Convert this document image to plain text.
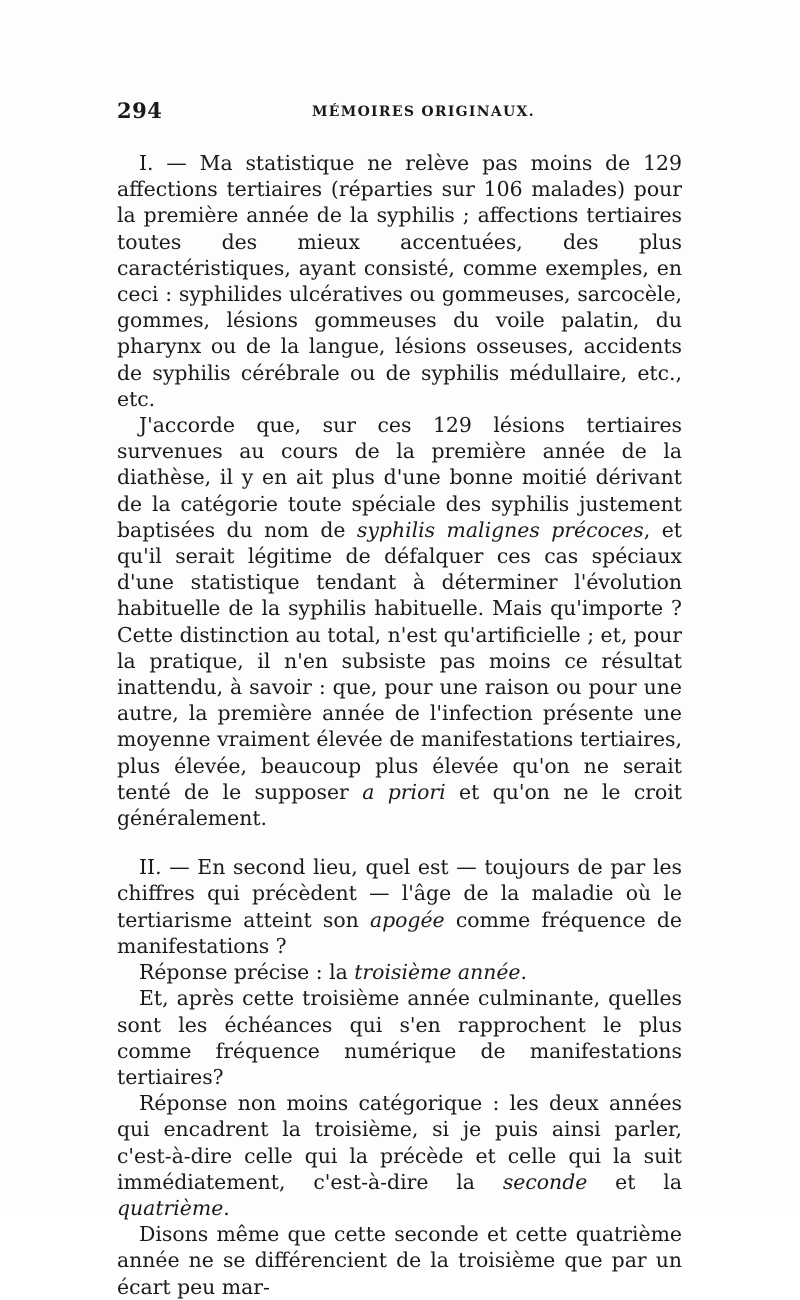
294	MÉMOIRES ORIGINAUX.

I. — Ma statistique ne relève pas moins de 129 affections tertiaires (réparties sur 106 malades) pour la première année de la syphilis ; affections tertiaires toutes des mieux accentuées, des plus caractéristiques, ayant consisté, comme exemples, en ceci : syphilides ulcératives ou gommeuses, sarcocèle, gommes, lésions gommeuses du voile palatin, du pharynx ou de la langue, lésions osseuses, accidents de syphilis cérébrale ou de syphilis médullaire, etc., etc.

J'accorde que, sur ces 129 lésions tertiaires survenues au cours de la première année de la diathèse, il y en ait plus d'une bonne moitié dérivant de la catégorie toute spéciale des syphilis justement baptisées du nom de syphilis malignes précoces, et qu'il serait légitime de défalquer ces cas spéciaux d'une statistique tendant à déterminer l'évolution habituelle de la syphilis habituelle. Mais qu'importe ? Cette distinction au total, n'est qu'artificielle ; et, pour la pratique, il n'en subsiste pas moins ce résultat inattendu, à savoir : que, pour une raison ou pour une autre, la première année de l'infection présente une moyenne vraiment élevée de manifestations tertiaires, plus élevée, beaucoup plus élevée qu'on ne serait tenté de le supposer a priori et qu'on ne le croit généralement.

II. — En second lieu, quel est — toujours de par les chiffres qui précèdent — l'âge de la maladie où le tertiarisme atteint son apogée comme fréquence de manifestations ?

Réponse précise : la troisième année.

Et, après cette troisième année culminante, quelles sont les échéances qui s'en rapprochent le plus comme fréquence numérique de manifestations tertiaires?

Réponse non moins catégorique : les deux années qui encadrent la troisième, si je puis ainsi parler, c'est-à-dire celle qui la précède et celle qui la suit immédiatement, c'est-à-dire la seconde et la quatrième.

Disons même que cette seconde et cette quatrième année ne se différencient de la troisième que par un écart peu mar-
